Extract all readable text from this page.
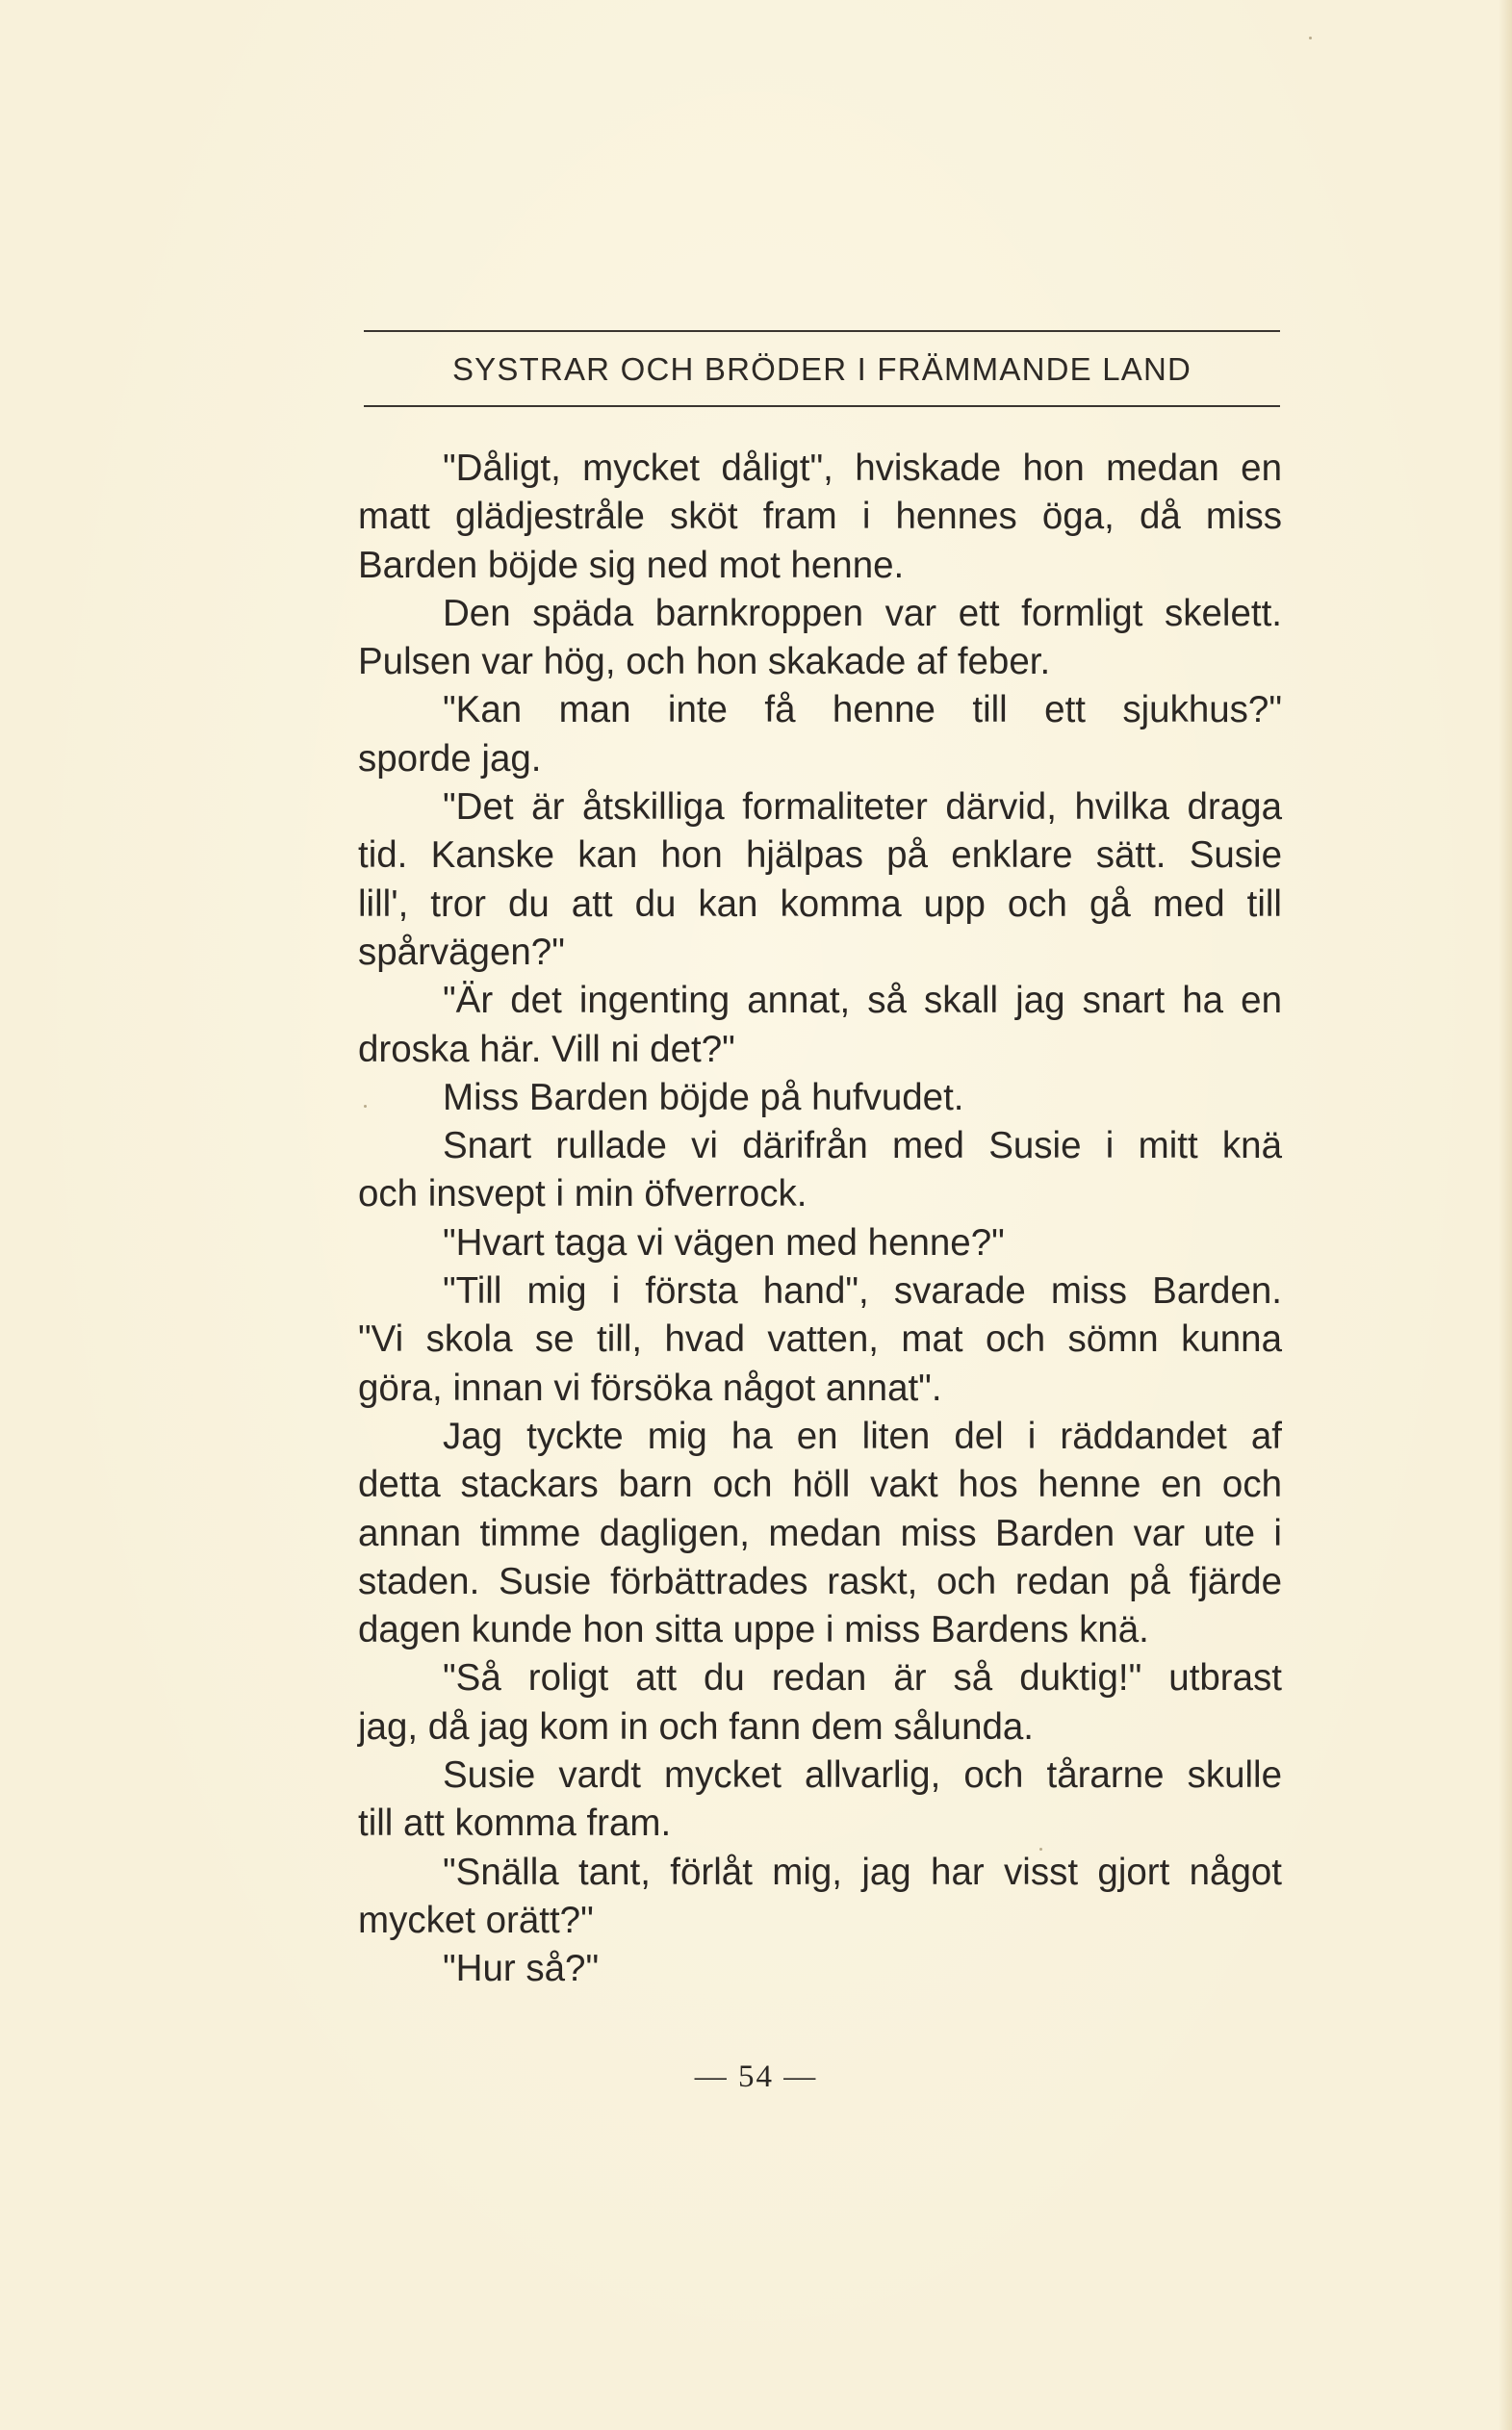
SYSTRAR OCH BRÖDER I FRÄMMANDE LAND
"Dåligt, mycket dåligt", hviskade hon medan en
matt glädjestråle sköt fram i hennes öga, då miss
Barden böjde sig ned mot henne.
Den späda barnkroppen var ett formligt skelett.
Pulsen var hög, och hon skakade af feber.
"Kan man inte få henne till ett sjukhus?"
sporde jag.
"Det är åtskilliga formaliteter därvid, hvilka draga
tid. Kanske kan hon hjälpas på enklare sätt. Susie
lill', tror du att du kan komma upp och gå med till
spårvägen?"
"Är det ingenting annat, så skall jag snart ha en
droska här. Vill ni det?"
Miss Barden böjde på hufvudet.
Snart rullade vi därifrån med Susie i mitt knä
och insvept i min öfverrock.
"Hvart taga vi vägen med henne?"
"Till mig i första hand", svarade miss Barden.
"Vi skola se till, hvad vatten, mat och sömn kunna
göra, innan vi försöka något annat".
Jag tyckte mig ha en liten del i räddandet af
detta stackars barn och höll vakt hos henne en och
annan timme dagligen, medan miss Barden var ute i
staden. Susie förbättrades raskt, och redan på fjärde
dagen kunde hon sitta uppe i miss Bardens knä.
"Så roligt att du redan är så duktig!" utbrast
jag, då jag kom in och fann dem sålunda.
Susie vardt mycket allvarlig, och tårarne skulle
till att komma fram.
"Snälla tant, förlåt mig, jag har visst gjort något
mycket orätt?"
"Hur så?"
— 54 —
